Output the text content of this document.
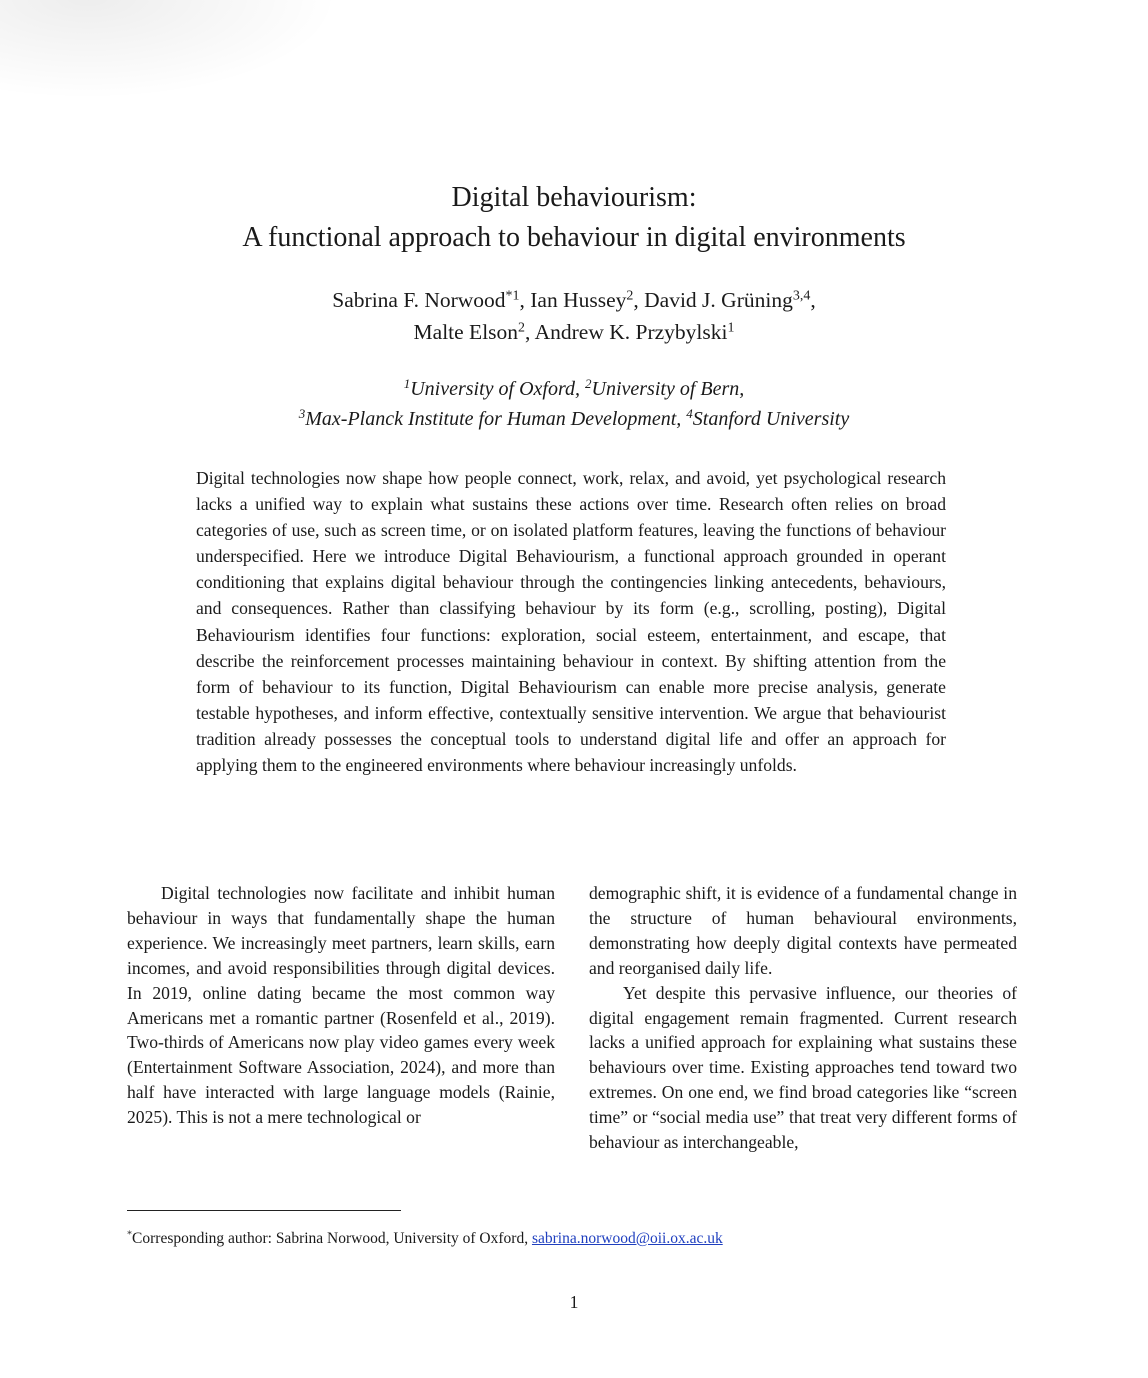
Digital behaviourism:
A functional approach to behaviour in digital environments
Sabrina F. Norwood$^{*1}$, Ian Hussey$^2$, David J. Grüning$^{3,4}$,
Malte Elson$^2$, Andrew K. Przybylski$^1$
$^1$University of Oxford, $^2$University of Bern,
$^3$Max-Planck Institute for Human Development, $^4$Stanford University
Digital technologies now shape how people connect, work, relax, and avoid, yet psychological research lacks a unified way to explain what sustains these actions over time. Research often relies on broad categories of use, such as screen time, or on isolated platform features, leaving the functions of behaviour underspecified. Here we introduce Digital Behaviourism, a functional approach grounded in operant conditioning that explains digital behaviour through the contingencies linking antecedents, behaviours, and consequences. Rather than classifying behaviour by its form (e.g., scrolling, posting), Digital Behaviourism identifies four functions: exploration, social esteem, entertainment, and escape, that describe the reinforcement processes maintaining behaviour in context. By shifting attention from the form of behaviour to its function, Digital Behaviourism can enable more precise analysis, generate testable hypotheses, and inform effective, contextually sensitive intervention. We argue that behaviourist tradition already possesses the conceptual tools to understand digital life and offer an approach for applying them to the engineered environments where behaviour increasingly unfolds.

Digital technologies now facilitate and inhibit human behaviour in ways that fundamentally shape the human experience. We increasingly meet partners, learn skills, earn incomes, and avoid responsibilities through digital devices. In 2019, online dating became the most common way Americans met a romantic partner (Rosenfeld et al., 2019). Two-thirds of Americans now play video games every week (Entertainment Software Association, 2024), and more than half have interacted with large language models (Rainie, 2025). This is not a mere technological or

demographic shift, it is evidence of a fundamental change in the structure of human behavioural environments, demonstrating how deeply digital contexts have permeated and reorganised daily life.

Yet despite this pervasive influence, our theories of digital engagement remain fragmented. Current research lacks a unified approach for explaining what sustains these behaviours over time. Existing approaches tend toward two extremes. On one end, we find broad categories like “screen time” or “social media use” that treat very different forms of behaviour as interchangeable,

*Corresponding author: Sabrina Norwood, University of Oxford, sabrina.norwood@oii.ox.ac.uk
1
